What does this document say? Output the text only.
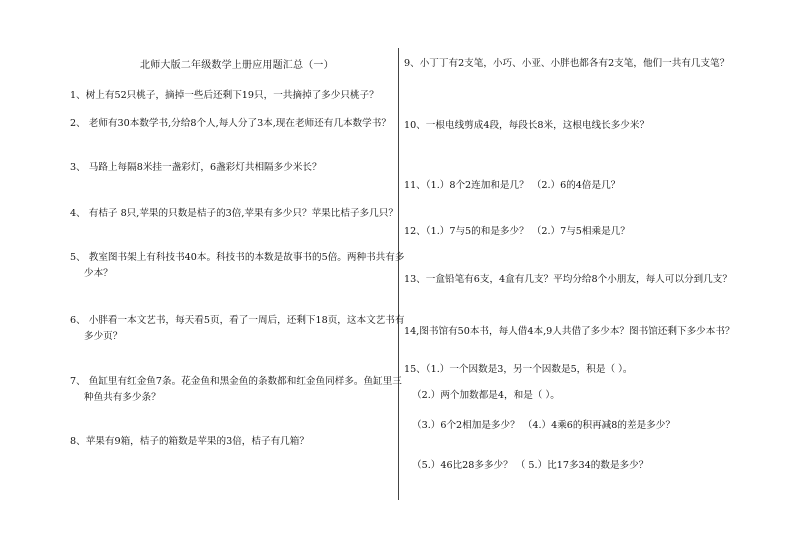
北师大版二年级数学上册应用题汇总（一）
1、树上有52只桃子，摘掉一些后还剩下19只，一共摘掉了多少只桃子？
2、 老师有30本数学书,分给8个人,每人分了3本,现在老师还有几本数学书？
3、 马路上每隔8米挂一盏彩灯，6盏彩灯共相隔多少米长？
4、 有桔子 8只,苹果的只数是桔子的3倍,苹果有多少只？苹果比桔子多几只？
5、 教室图书架上有科技书40本。科技书的本数是故事书的5倍。两种书共有多
少本？
6、 小胖看一本文艺书，每天看5页，看了一周后，还剩下18页，这本文艺书有
多少页？
7、 鱼缸里有红金鱼7条。花金鱼和黑金鱼的条数都和红金鱼同样多。鱼缸里三
种鱼共有多少条？
8、苹果有9箱，桔子的箱数是苹果的3倍，桔子有几箱？
9、小丁丁有2支笔，小巧、小亚、小胖也都各有2支笔，他们一共有几支笔？
10、一根电线剪成4段，每段长8米，这根电线长多少米？
11、（1.）8个2连加和是几？ （2.）6的4倍是几？
12、（1.）7与5的和是多少？ （2.）7与5相乘是几？
13、一盒铅笔有6支，4盒有几支？平均分给8个小朋友，每人可以分到几支？
14,图书馆有50本书，每人借4本,9人共借了多少本？图书馆还剩下多少本书？
15、（1.）一个因数是3，另一个因数是5，积是（ ）。
（2.）两个加数都是4，和是（ ）。
（3.）6个2相加是多少？ （4.）4乘6的积再减8的差是多少？
（5.）46比28多多少？ （ 5.）比17多34的数是多少？
